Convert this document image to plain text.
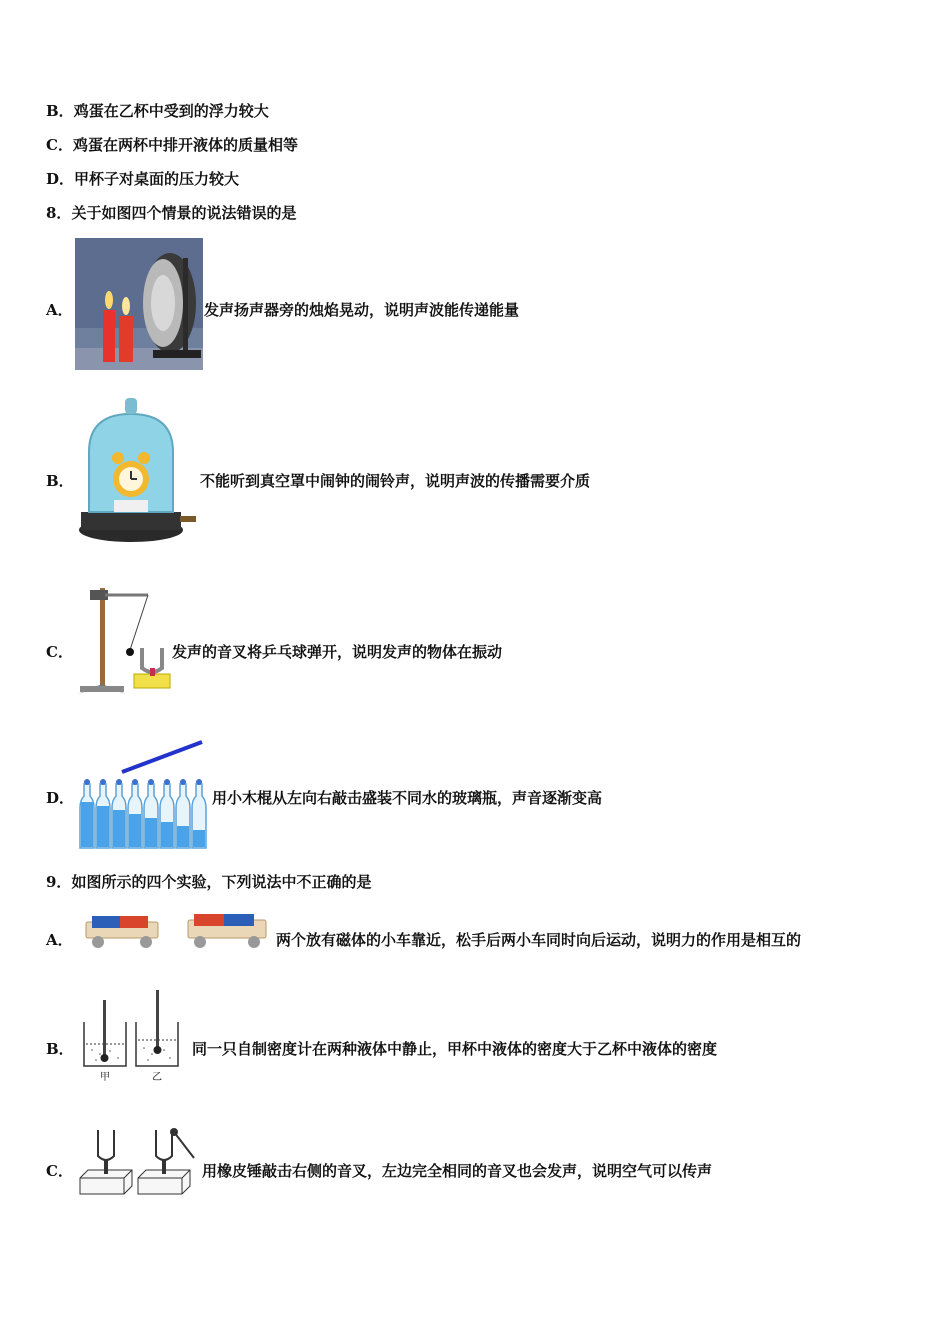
B．鸡蛋在乙杯中受到的浮力较大
C．鸡蛋在两杯中排开液体的质量相等
D．甲杯子对桌面的压力较大
8．关于如图四个情景的说法错误的是
A．	发声扬声器旁的烛焰晃动，说明声波能传递能量
B．	不能听到真空罩中闹钟的闹铃声，说明声波的传播需要介质
C．	发声的音叉将乒乓球弹开，说明发声的物体在振动
D．	用小木棍从左向右敲击盛装不同水的玻璃瓶，声音逐渐变高
9．如图所示的四个实验，下列说法中不正确的是
A．	两个放有磁体的小车靠近，松手后两小车同时向后运动，说明力的作用是相互的
B．
甲	乙
同一只自制密度计在两种液体中静止，甲杯中液体的密度大于乙杯中液体的密度
C．	用橡皮锤敲击右侧的音叉，左边完全相同的音叉也会发声，说明空气可以传声
